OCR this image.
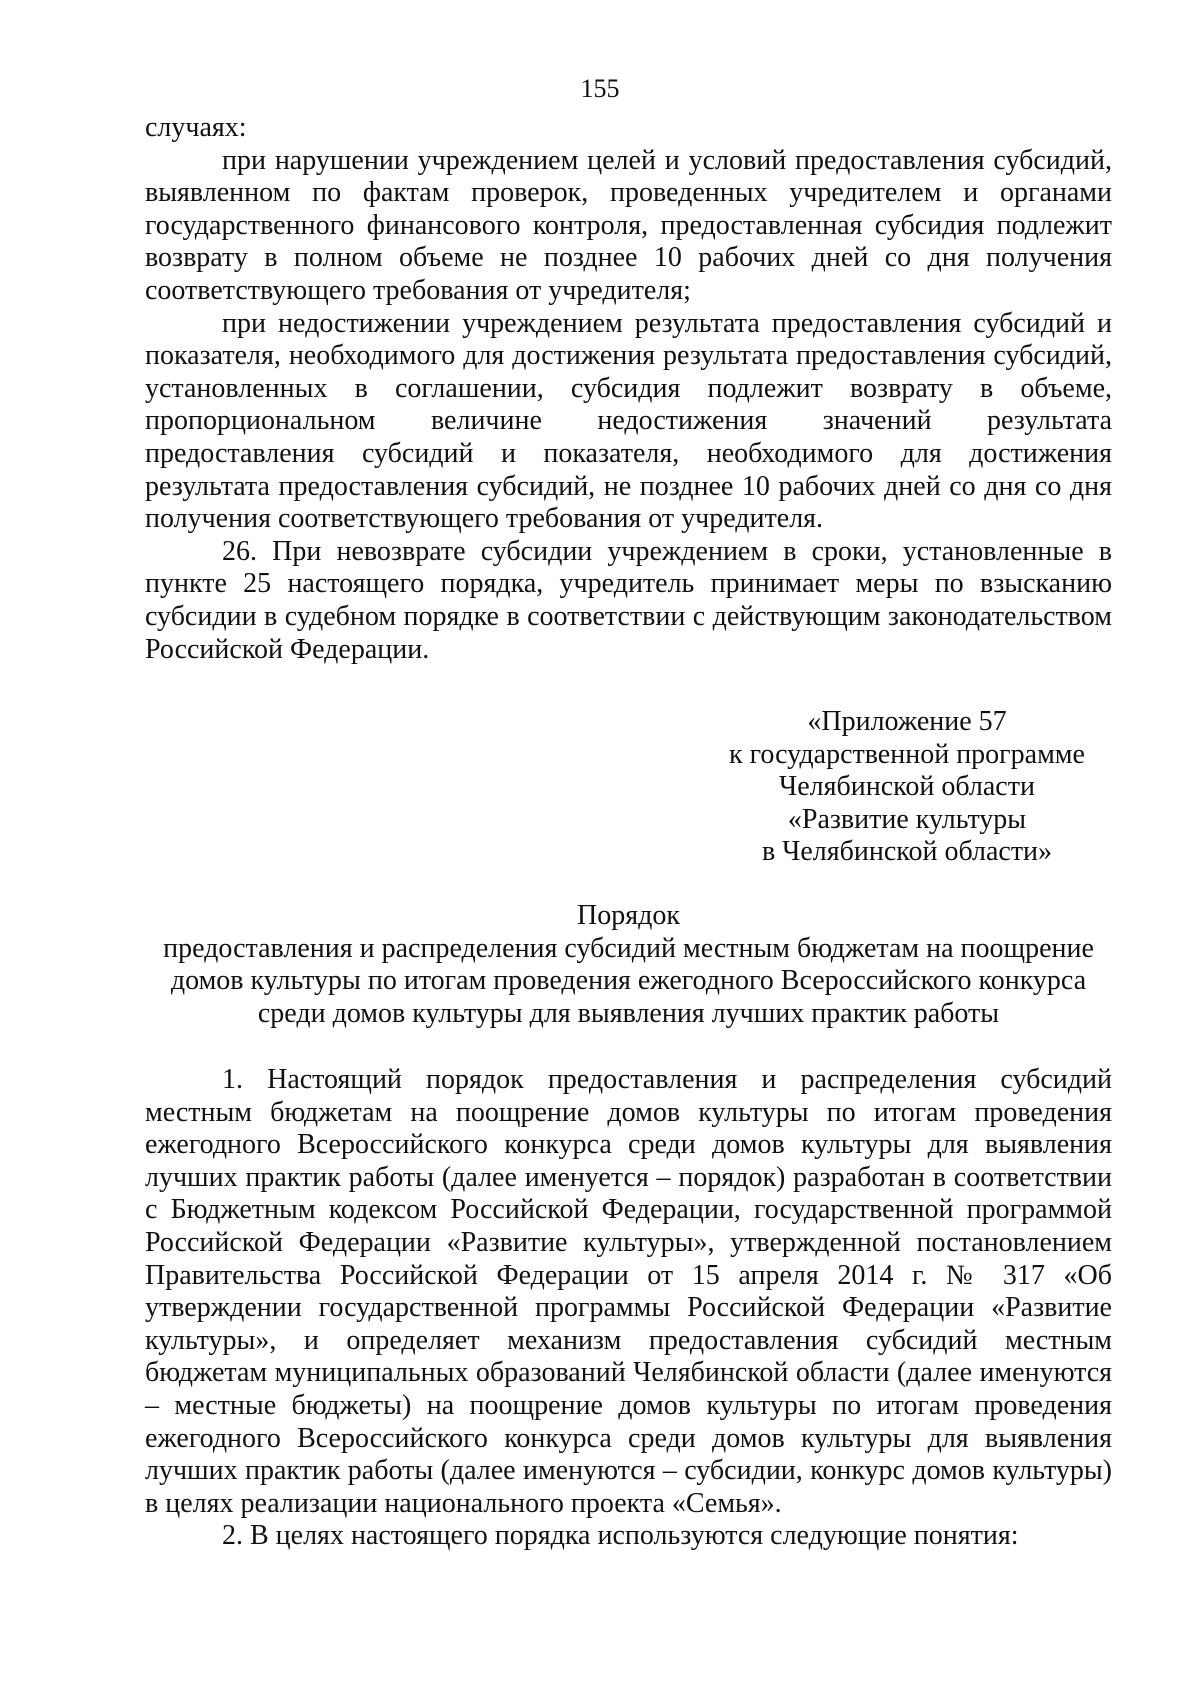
155

случаях:

при нарушении учреждением целей и условий предоставления субсидий, выявленном по фактам проверок, проведенных учредителем и органами государственного финансового контроля, предоставленная субсидия подлежит возврату в полном объеме не позднее 10 рабочих дней со дня получения соответствующего требования от учредителя;

при недостижении учреждением результата предоставления субсидий и показателя, необходимого для достижения результата предоставления субсидий, установленных в соглашении, субсидия подлежит возврату в объеме, пропорциональном величине недостижения значений результата предоставления субсидий и показателя, необходимого для достижения результата предоставления субсидий, не позднее 10 рабочих дней со дня со дня получения соответствующего требования от учредителя.

26. При невозврате субсидии учреждением в сроки, установленные в пункте 25 настоящего порядка, учредитель принимает меры по взысканию субсидии в судебном порядке в соответствии с действующим законодательством Российской Федерации.

«Приложение 57
к государственной программе
Челябинской области
«Развитие культуры
в Челябинской области»
Порядок
предоставления и распределения субсидий местным бюджетам на поощрение
домов культуры по итогам проведения ежегодного Всероссийского конкурса
среди домов культуры для выявления лучших практик работы

1. Настоящий порядок предоставления и распределения субсидий местным бюджетам на поощрение домов культуры по итогам проведения ежегодного Всероссийского конкурса среди домов культуры для выявления лучших практик работы (далее именуется – порядок) разработан в соответствии с Бюджетным кодексом Российской Федерации, государственной программой Российской Федерации «Развитие культуры», утвержденной постановлением Правительства Российской Федерации от 15 апреля 2014 г. № 317 «Об утверждении государственной программы Российской Федерации «Развитие культуры», и определяет механизм предоставления субсидий местным бюджетам муниципальных образований Челябинской области (далее именуются – местные бюджеты) на поощрение домов культуры по итогам проведения ежегодного Всероссийского конкурса среди домов культуры для выявления лучших практик работы (далее именуются – субсидии, конкурс домов культуры) в целях реализации национального проекта «Семья».

2. В целях настоящего порядка используются следующие понятия:
